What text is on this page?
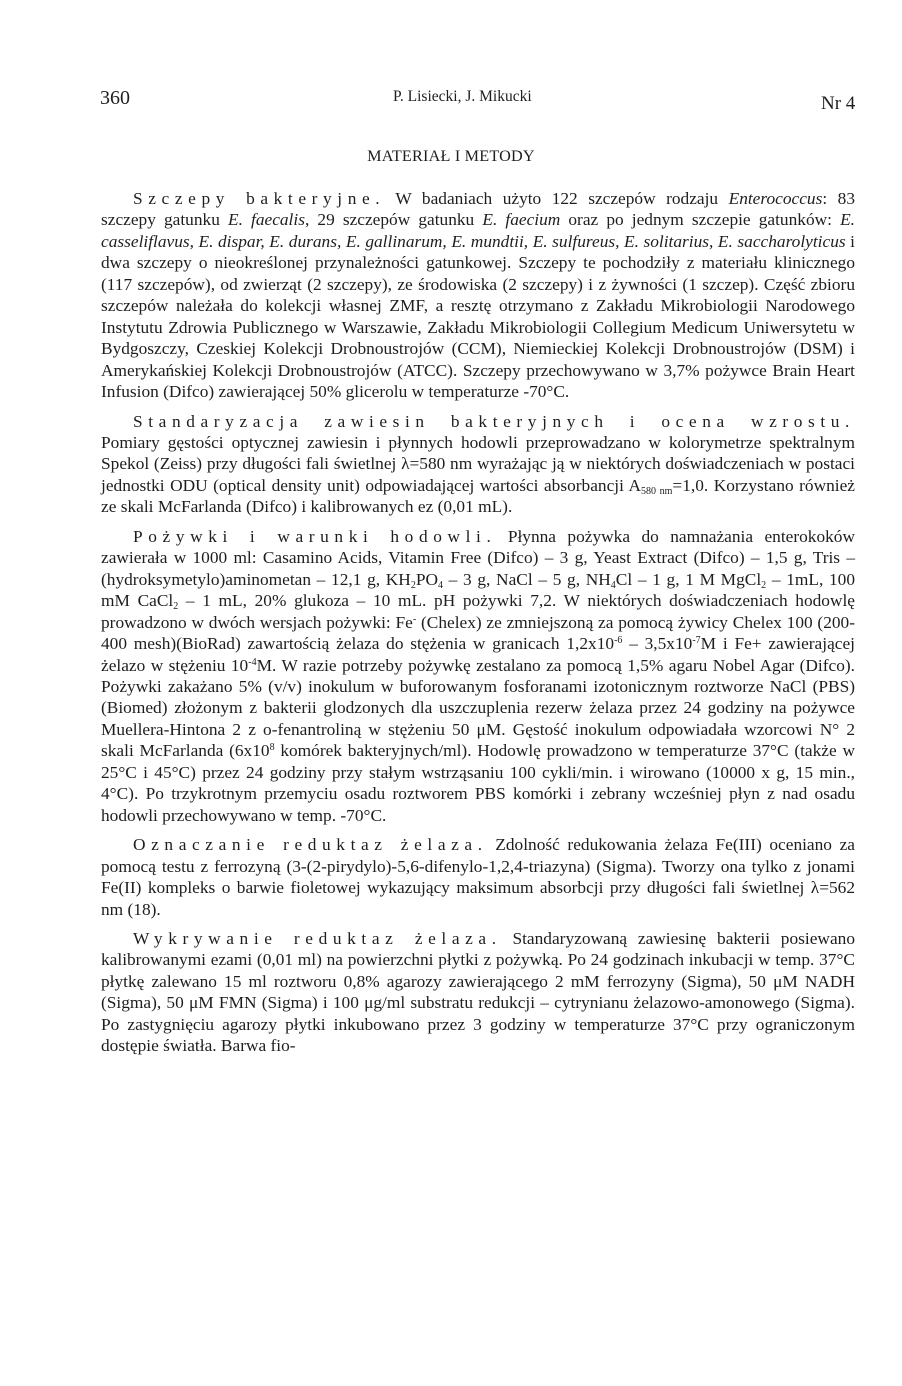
360	P. Lisiecki, J. Mikucki	Nr 4
MATERIAŁ I METODY

Szczepy bakteryjne. W badaniach użyto 122 szczepów rodzaju Enterococcus: 83 szczepy gatunku E. faecalis, 29 szczepów gatunku E. faecium oraz po jednym szczepie gatunków: E. casseliflavus, E. dispar, E. durans, E. gallinarum, E. mundtii, E. sulfureus, E. solitarius, E. saccharolyticus i dwa szczepy o nieokreślonej przynależności gatunkowej. Szczepy te pochodziły z materiału klinicznego (117 szczepów), od zwierząt (2 szczepy), ze środowiska (2 szczepy) i z żywności (1 szczep). Część zbioru szczepów należała do kolekcji własnej ZMF, a resztę otrzymano z Zakładu Mikrobiologii Narodowego Instytutu Zdrowia Publicznego w Warszawie, Zakładu Mikrobiologii Collegium Medicum Uniwersytetu w Bydgoszczy, Czeskiej Kolekcji Drobnoustrojów (CCM), Niemieckiej Kolekcji Drobnoustrojów (DSM) i Amerykańskiej Kolekcji Drobnoustrojów (ATCC). Szczepy przechowywano w 3,7% pożywce Brain Heart Infusion (Difco) zawierającej 50% glicerolu w temperaturze -70°C.

Standaryzacja zawiesin bakteryjnych i ocena wzrostu. Pomiary gęstości optycznej zawiesin i płynnych hodowli przeprowadzano w kolorymetrze spektralnym Spekol (Zeiss) przy długości fali świetlnej λ=580 nm wyrażając ją w niektórych doświadczeniach w postaci jednostki ODU (optical density unit) odpowiadającej wartości absorbancji $A_{580 nm}=1,0$. Korzystano również ze skali McFarlanda (Difco) i kalibrowanych ez (0,01 mL).

Pożywki i warunki hodowli. Płynna pożywka do namnażania enterokoków zawierała w 1000 ml: Casamino Acids, Vitamin Free (Difco) – 3 g, Yeast Extract (Difco) – 1,5 g, Tris – (hydroksymetylo)aminometan – 12,1 g, $KH_2PO_4 - 3$ g, NaCl – 5 g, $NH_4Cl - 1$ g, 1 M MgCl$_2$ – 1mL, 100 mM CaCl$_2$ – 1 mL, 20% glukoza – 10 mL. pH pożywki 7,2. W niektórych doświadczeniach hodowlę prowadzono w dwóch wersjach pożywki: Fe- (Chelex) ze zmniejszoną za pomocą żywicy Chelex 100 (200-400 mesh)(BioRad) zawartością żelaza do stężenia w granicach $1,2x10^{-6} - 3,5x10^{-7}M$ i Fe+ zawierającej żelazo w stężeniu $10^{-4}M$. W razie potrzeby pożywkę zestalano za pomocą 1,5% agaru Nobel Agar (Difco). Pożywki zakażano 5% (v/v) inokulum w buforowanym fosforanami izotonicznym roztworze NaCl (PBS)(Biomed) złożonym z bakterii glodzonych dla uszczuplenia rezerw żelaza przez 24 godziny na pożywce Muellera-Hintona 2 z o-fenantroliną w stężeniu 50 μM. Gęstość inokulum odpowiadała wzorcowi N° 2 skali McFarlanda ($6x10^8$ komórek bakteryjnych/ml). Hodowlę prowadzono w temperaturze 37°C (także w 25°C i 45°C) przez 24 godziny przy stałym wstrząsaniu 100 cykli/min. i wirowano (10000 x g, 15 min., 4°C). Po trzykrotnym przemyciu osadu roztworem PBS komórki i zebrany wcześniej płyn z nad osadu hodowli przechowywano w temp. -70°C.

Oznaczanie reduktaz żelaza. Zdolność redukowania żelaza Fe(III) oceniano za pomocą testu z ferrozyną (3-(2-pirydylo)-5,6-difenylo-1,2,4-triazyna) (Sigma). Tworzy ona tylko z jonami Fe(II) kompleks o barwie fioletowej wykazujący maksimum absorbcji przy długości fali świetlnej λ=562 nm (18).

Wykrywanie reduktaz żelaza. Standaryzowaną zawiesinę bakterii posiewano kalibrowanymi ezami (0,01 ml) na powierzchni płytki z pożywką. Po 24 godzinach inkubacji w temp. 37°C płytkę zalewano 15 ml roztworu 0,8% agarozy zawierającego 2 mM ferrozyny (Sigma), 50 μM NADH (Sigma), 50 μM FMN (Sigma) i 100 μg/ml substratu redukcji – cytrynianu żelazowo-amonowego (Sigma). Po zastygnięciu agarozy płytki inkubowano przez 3 godziny w temperaturze 37°C przy ograniczonym dostępie światła. Barwa fio-
